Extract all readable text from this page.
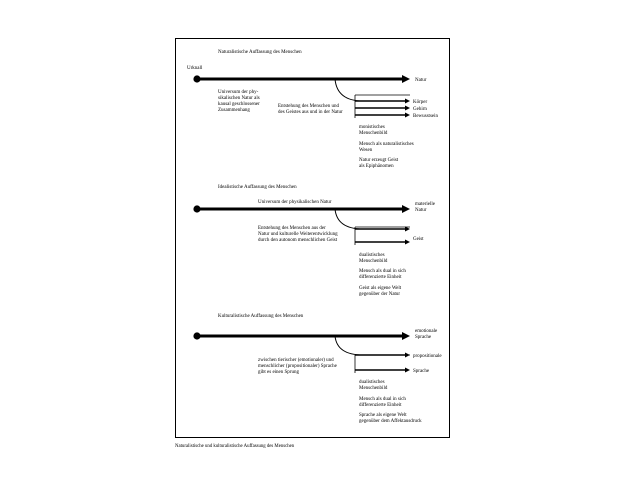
Naturalistische Auffassung des Menschen
Urknall
Natur
Körper
Gehirn
Bewusstsein
Universum der phy-
sikalischen Natur als
kausal geschlossener
Zusammenhang
Entstehung des Menschen und
des Geistes aus und in der Natur
monistisches
Menschenbild
Mensch als naturalistisches
Wesen
Natur erzeugt Geist
als Epiphänomen
Idealistische Auffassung des Menschen
Universum der physikalischen Natur	materielle
Natur
Geist
Entstehung des Menschen aus der
Natur und kulturelle Weiterentwicklung
durch den autonom menschlichen Geist
dualistisches
Menschenbild
Mensch als dual in sich
differenzierte Einheit
Geist als eigene Welt
gegenüber der Natur
Kulturalistische Auffassung des Menschen
emotionale
Sprache
propositionale
Sprache
zwischen tierischer (emotionaler) und
menschlicher (propositionaler) Sprache
gibt es einen Sprung
dualistisches
Menschenbild
Mensch als dual in sich
differenzierte Einheit
Sprache als eigene Welt
gegenüber dem Affektausdruck
Naturalistische und kulturalistische Auffassung des Menschen
